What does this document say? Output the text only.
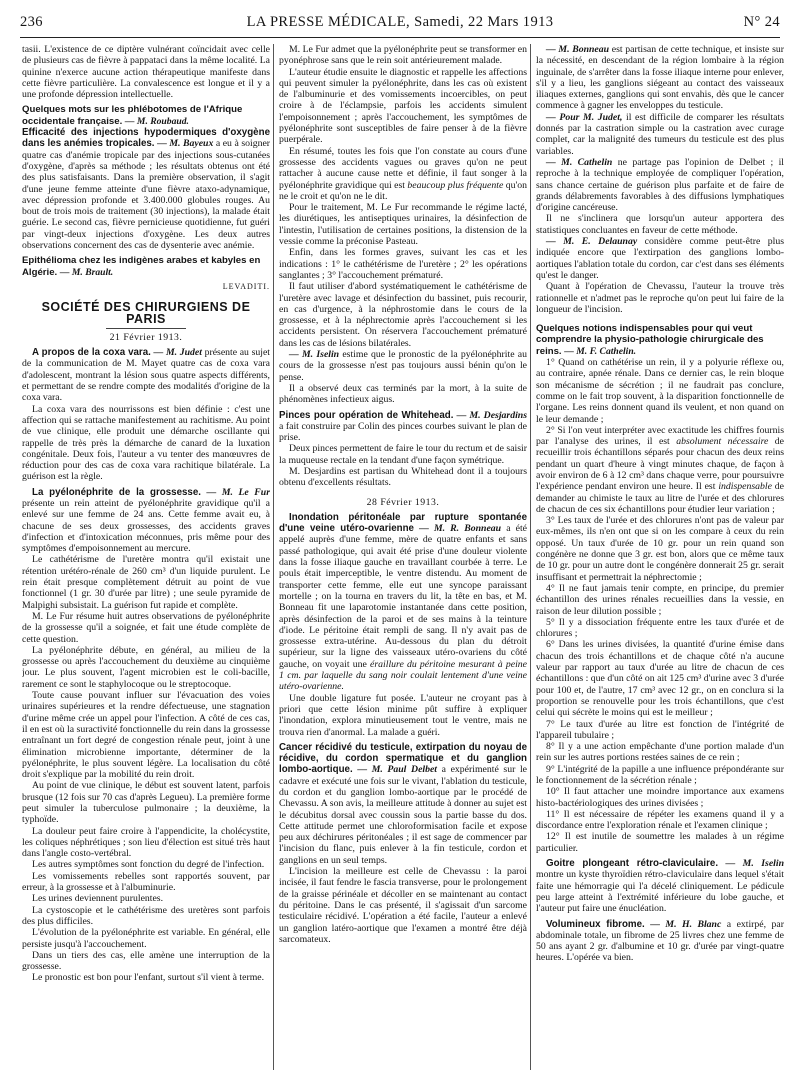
236	LA PRESSE MÉDICALE, Samedi, 22 Mars 1913	N° 24

tasii. L'existence de ce diptère vulnérant coïncidait avec celle de plusieurs cas de fièvre à pappataci dans la même localité. La quinine n'exerce aucune action thérapeutique manifeste dans cette fièvre particulière. La convalescence est longue et il y a une profonde dépression intellectuelle.

Quelques mots sur les phlébotomes de l'Afrique occidentale française. — M. Roubaud.

Efficacité des injections hypodermiques d'oxygène dans les anémies tropicales. — M. Bayeux a eu à soigner quatre cas d'anémie tropicale par des injections sous-cutanées d'oxygène, d'après sa méthode ; les résultats obtenus ont été des plus satisfaisants. Dans la première observation, il s'agit d'une jeune femme atteinte d'une fièvre ataxo-adynamique, avec dépression profonde et 3.400.000 globules rouges. Au bout de trois mois de traitement (30 injections), la malade était guérie. Le second cas, fièvre pernicieuse quotidienne, fut guéri par vingt-deux injections d'oxygène. Les deux autres observations concernent des cas de dysenterie avec anémie.

Epithélioma chez les indigènes arabes et kabyles en Algérie. — M. Brault.
LEVADITI.
SOCIÉTÉ DES CHIRURGIENS DE PARIS
21 Février 1913.

A propos de la coxa vara. — M. Judet présente au sujet de la communication de M. Mayet quatre cas de coxa vara d'adolescent, montrant la lésion sous quatre aspects différents, et permettant de se rendre compte des modalités d'origine de la coxa vara.

La coxa vara des nourrissons est bien définie : c'est une affection qui se rattache manifestement au rachitisme. Au point de vue clinique, elle produit une démarche oscillante qui rappelle de très près la démarche de canard de la luxation congénitale. Deux fois, l'auteur a vu tenter des manœuvres de réduction pour des cas de coxa vara rachitique bilatérale. La guérison est la règle.

La pyélonéphrite de la grossesse. — M. Le Fur présente un rein atteint de pyélonéphrite gravidique qu'il a enlevé sur une femme de 24 ans. Cette femme avait eu, à chacune de ses deux grossesses, des accidents graves d'infection et d'intoxication méconnues, pris même pour des symptômes d'empoisonnement au mercure.

Le cathétérisme de l'uretère montra qu'il existait une rétention urétéro-rénale de 260 cm³ d'un liquide purulent. Le rein était presque complètement détruit au point de vue fonctionnel (1 gr. 30 d'urée par litre) ; une seule pyramide de Malpighi subsistait. La guérison fut rapide et complète.

M. Le Fur résume huit autres observations de pyélonéphrite de la grossesse qu'il a soignée, et fait une étude complète de cette question.

La pyélonéphrite débute, en général, au milieu de la grossesse ou après l'accouchement du deuxième au cinquième jour. Le plus souvent, l'agent microbien est le coli-bacille, rarement ce sont le staphylocoque ou le streptocoque.

Toute cause pouvant influer sur l'évacuation des voies urinaires supérieures et la rendre défectueuse, une stagnation d'urine même crée un appel pour l'infection. A côté de ces cas, il en est où la suractivité fonctionnelle du rein dans la grossesse entraînant un fort degré de congestion rénale peut, joint à une élimination microbienne importante, déterminer de la pyélonéphrite, le plus souvent légère. La localisation du côté droit s'explique par la mobilité du rein droit.

Au point de vue clinique, le début est souvent latent, parfois brusque (12 fois sur 70 cas d'après Legueu). La première forme peut simuler la tuberculose pulmonaire ; la deuxième, la typhoïde.

La douleur peut faire croire à l'appendicite, la cholécystite, les coliques néphrétiques ; son lieu d'élection est situé très haut dans l'angle costo-vertébral.

Les autres symptômes sont fonction du degré de l'infection.

Les vomissements rebelles sont rapportés souvent, par erreur, à la grossesse et à l'albuminurie.

Les urines deviennent purulentes.

La cystoscopie et le cathétérisme des uretères sont parfois des plus difficiles.

L'évolution de la pyélonéphrite est variable. En général, elle persiste jusqu'à l'accouchement.

Dans un tiers des cas, elle amène une interruption de la grossesse.

Le pronostic est bon pour l'enfant, surtout s'il vient à terme.

M. Le Fur admet que la pyélonéphrite peut se transformer en pyonéphrose sans que le rein soit antérieurement malade.

L'auteur étudie ensuite le diagnostic et rappelle les affections qui peuvent simuler la pyélonéphrite, dans les cas où existent de l'albuminurie et des vomissements incoercibles, on peut croire à de l'éclampsie, parfois les accidents simulent l'empoisonnement ; après l'accouchement, les symptômes de pyélonéphrite sont susceptibles de faire penser à de la fièvre puerpérale.

En résumé, toutes les fois que l'on constate au cours d'une grossesse des accidents vagues ou graves qu'on ne peut rattacher à aucune cause nette et définie, il faut songer à la pyélonéphrite gravidique qui est beaucoup plus fréquente qu'on ne le croit et qu'on ne le dit.

Pour le traitement, M. Le Fur recommande le régime lacté, les diurétiques, les antiseptiques urinaires, la désinfection de l'intestin, l'utilisation de certaines positions, la distension de la vessie comme la préconise Pasteau.

Enfin, dans les formes graves, suivant les cas et les indications : 1° le cathétérisme de l'uretère ; 2° les opérations sanglantes ; 3° l'accouchement prématuré.

Il faut utiliser d'abord systématiquement le cathétérisme de l'uretère avec lavage et désinfection du bassinet, puis recourir, en cas d'urgence, à la néphrostomie dans le cours de la grossesse, et à la néphrectomie après l'accouchement si les accidents persistent. On réservera l'accouchement prématuré dans les cas de lésions bilatérales.

— M. Iselin estime que le pronostic de la pyélonéphrite au cours de la grossesse n'est pas toujours aussi bénin qu'on le pense.

Il a observé deux cas terminés par la mort, à la suite de phénomènes infectieux aigus.

Pinces pour opération de Whitehead. — M. Desjardins a fait construire par Colin des pinces courbes suivant le plan de prise.

Deux pinces permettent de faire le tour du rectum et de saisir la muqueuse rectale en la tendant d'une façon symétrique.

M. Desjardins est partisan du Whitehead dont il a toujours obtenu d'excellents résultats.

28 Février 1913.

Inondation péritonéale par rupture spontanée d'une veine utéro-ovarienne — M. R. Bonneau a été appelé auprès d'une femme, mère de quatre enfants et sans passé pathologique, qui avait été prise d'une douleur violente dans la fosse iliaque gauche en travaillant courbée à terre. Le pouls était imperceptible, le ventre distendu. Au moment de transporter cette femme, elle eut une syncope paraissant mortelle ; on la tourna en travers du lit, la tête en bas, et M. Bonneau fit une laparotomie instantanée dans cette position, après désinfection de la paroi et de ses mains à la teinture d'iode. Le péritoine était rempli de sang. Il n'y avait pas de grossesse extra-utérine. Au-dessous du plan du détroit supérieur, sur la ligne des vaisseaux utéro-ovariens du côté gauche, on voyait une éraillure du péritoine mesurant à peine 1 cm. par laquelle du sang noir coulait lentement d'une veine utéro-ovarienne.

Une double ligature fut posée. L'auteur ne croyant pas à priori que cette lésion minime pût suffire à expliquer l'inondation, explora minutieusement tout le ventre, mais ne trouva rien d'anormal. La malade a guéri.

Cancer récidivé du testicule, extirpation du noyau de récidive, du cordon spermatique et du ganglion lombo-aortique. — M. Paul Delbet a expérimenté sur le cadavre et exécuté une fois sur le vivant, l'ablation du testicule, du cordon et du ganglion lombo-aortique par le procédé de Chevassu. A son avis, la meilleure attitude à donner au sujet est le décubitus dorsal avec coussin sous la partie basse du dos. Cette attitude permet une chloroformisation facile et expose peu aux déchirures péritonéales ; il est sage de commencer par l'incision du flanc, puis enlever à la fin testicule, cordon et ganglions en un seul temps.

L'incision la meilleure est celle de Chevassu : la paroi incisée, il faut fendre le fascia transverse, pour le prolongement de la graisse périnéale et décoller en se maintenant au contact du péritoine. Dans le cas présenté, il s'agissait d'un sarcome testiculaire récidivé. L'opération a été facile, l'auteur a enlevé un ganglion latéro-aortique que l'examen a montré être déjà sarcomateux.

— M. Bonneau est partisan de cette technique, et insiste sur la nécessité, en descendant de la région lombaire à la région inguinale, de s'arrêter dans la fosse iliaque interne pour enlever, s'il y a lieu, les ganglions siégeant au contact des vaisseaux iliaques externes, ganglions qui sont envahis, dès que le cancer commence à gagner les enveloppes du testicule.

— Pour M. Judet, il est difficile de comparer les résultats donnés par la castration simple ou la castration avec curage complet, car la malignité des tumeurs du testicule est des plus variables.

— M. Cathelin ne partage pas l'opinion de Delbet ; il reproche à la technique employée de compliquer l'opération, sans chance certaine de guérison plus parfaite et de faire de grands délabrements favorables à des diffusions lymphatiques d'origine cancéreuse.

Il ne s'inclinera que lorsqu'un auteur apportera des statistiques concluantes en faveur de cette méthode.

— M. E. Delaunay considère comme peut-être plus indiquée encore que l'extirpation des ganglions lombo-aortiques l'ablation totale du cordon, car c'est dans ses éléments qu'est le danger.

Quant à l'opération de Chevassu, l'auteur la trouve très rationnelle et n'admet pas le reproche qu'on peut lui faire de la longueur de l'incision.

Quelques notions indispensables pour qui veut comprendre la physio-pathologie chirurgicale des reins. — M. F. Cathelin.

1° Quand on cathétérise un rein, il y a polyurie réflexe ou, au contraire, apnée rénale. Dans ce dernier cas, le rein bloque son mécanisme de sécrétion ; il ne faudrait pas conclure, comme on le fait trop souvent, à la disparition fonctionnelle de l'organe. Les reins donnent quand ils veulent, et non quand on le leur demande ;

2° Si l'on veut interpréter avec exactitude les chiffres fournis par l'analyse des urines, il est absolument nécessaire de recueillir trois échantillons séparés pour chacun des deux reins pendant un quart d'heure à vingt minutes chaque, de façon à avoir environ de 6 à 12 cm³ dans chaque verre, pour poursuivre l'expérience pendant environ une heure. Il est indispensable de demander au chimiste le taux au litre de l'urée et des chlorures de chacun de ces six échantillons pour étudier leur variation ;

3° Les taux de l'urée et des chlorures n'ont pas de valeur par eux-mêmes, ils n'en ont que si on les compare à ceux du rein opposé. Un taux d'urée de 10 gr. pour un rein quand son congénère ne donne que 3 gr. est bon, alors que ce même taux de 10 gr. pour un autre dont le congénère donnerait 25 gr. serait insuffisant et permettrait la néphrectomie ;

4° Il ne faut jamais tenir compte, en principe, du premier échantillon des urines rénales recueillies dans la vessie, en raison de leur dilution possible ;

5° Il y a dissociation fréquente entre les taux d'urée et de chlorures ;

6° Dans les urines divisées, la quantité d'urine émise dans chacun des trois échantillons et de chaque côté n'a aucune valeur par rapport au taux d'urée au litre de chacun de ces échantillons : que d'un côté on ait 125 cm³ d'urine avec 3 d'urée pour 100 et, de l'autre, 17 cm³ avec 12 gr., on en conclura si la proportion se renouvelle pour les trois échantillons, que c'est celui qui sécrète le moins qui est le meilleur ;

7° Le taux d'urée au litre est fonction de l'intégrité de l'appareil tubulaire ;

8° Il y a une action empêchante d'une portion malade d'un rein sur les autres portions restées saines de ce rein ;

9° L'intégrité de la papille a une influence prépondérante sur le fonctionnement de la sécrétion rénale ;

10° Il faut attacher une moindre importance aux examens histo-bactériologiques des urines divisées ;

11° Il est nécessaire de répéter les examens quand il y a discordance entre l'exploration rénale et l'examen clinique ;

12° Il est inutile de soumettre les malades à un régime particulier.

Goitre plongeant rétro-claviculaire. — M. Iselin montre un kyste thyroïdien rétro-claviculaire dans lequel s'était faite une hémorragie qui l'a décelé cliniquement. Le pédicule peu large atteint à l'extrémité inférieure du lobe gauche, et l'auteur put faire une énucléation.

Volumineux fibrome. — M. H. Blanc a extirpé, par abdominale totale, un fibrome de 25 livres chez une femme de 50 ans ayant 2 gr. d'albumine et 10 gr. d'urée par vingt-quatre heures. L'opérée va bien.
